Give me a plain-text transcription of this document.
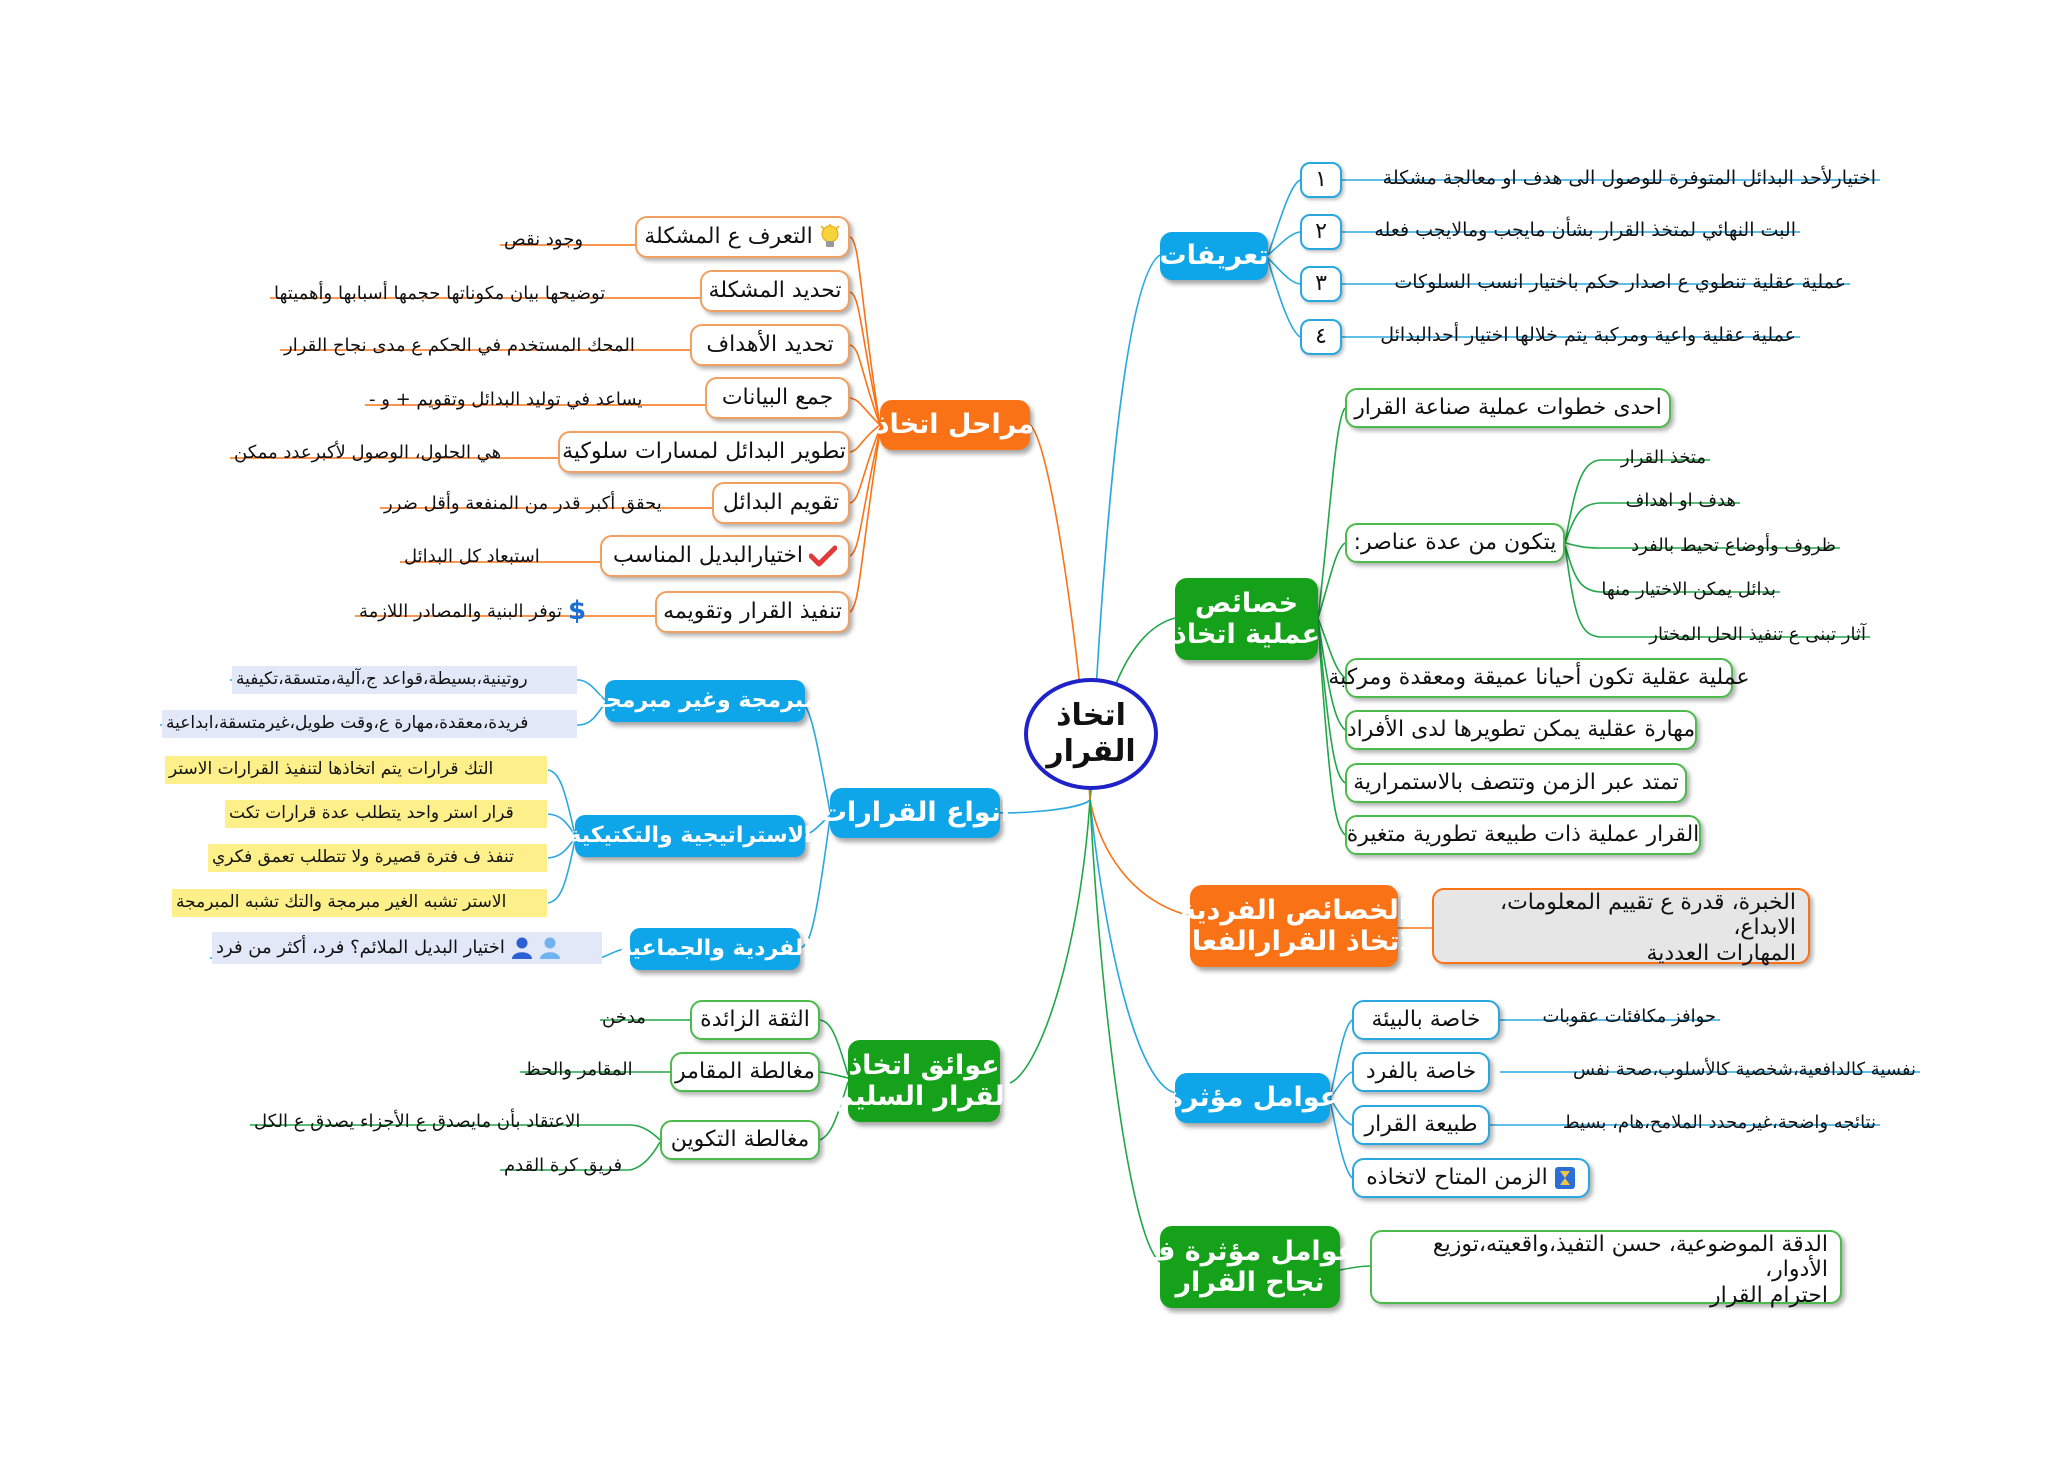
اتخاذ
القرار
تعريفات
١
٢
٣
٤
اختيارلأحد البدائل المتوفرة للوصول الى هدف او معالجة مشكلة
البت النهائي لمتخذ القرار بشأن مايجب ومالايجب فعله
عملية عقلية تنطوي ع اصدار حكم باختيار انسب السلوكات
عملية عقلية واعية ومركبة يتم خلالها اختيار أحدالبدائل
خصائص
عملية اتخاذ
احدى خطوات عملية صناعة القرار
يتكون من عدة عناصر:
متخذ القرار
هدف او اهداف
ظروف وأوضاع تحيط بالفرد
بدائل يمكن الاختيار منها
آثار تبنى ع تنفيذ الحل المختار
عملية عقلية تكون أحيانا عميقة ومعقدة ومركبة
مهارة عقلية يمكن تطويرها لدى الأفراد
تمتد عبر الزمن وتتصف بالاستمرارية
القرار عملية ذات طبيعة تطورية متغيرة
الخصائص الفردية
لاتخاذ القرارالفعال
الخبرة، قدرة ع تقييم المعلومات، الابداع،
المهارات العددية
عوامل مؤثرة
خاصة بالبيئة
خاصة بالفرد
طبيعة القرار
الزمن المتاح لاتخاذه
حوافز مكافئات عقوبات
نفسية كالدافعية،شخصية كالأسلوب،صحة نفس
نتائجه واضحة،غيرمحدد الملامح،هام، بسيط
عوامل مؤثرة ف
نجاح القرار
الدقة الموضوعية، حسن التفيذ،واقعيته،توزيع الأدوار،
احترام القرار
مراحل اتخاذ
التعرف ع المشكلة
تحديد المشكلة
تحديد الأهداف
جمع البيانات
تطوير البدائل لمسارات سلوكية
تقويم البدائل
اختيارالبديل المناسب
تنفيذ القرار وتقويمه
وجود نقص
توضيحها بيان مكوناتها حجمها أسبابها وأهميتها
المحك المستخدم في الحكم ع مدى نجاح القرار
يساعد في توليد البدائل وتقويم + و -
هي الحلول، الوصول لأكبرعدد ممكن
يحقق أكبر قدر من المنفعة وأقل ضرر
استبعاد كل البدائل
$
توفر البنية والمصادر اللازمة
أنواع القرارات
مبرمجة وغير مبرمجة
الاستراتيجية والتكتيكية
الفردية والجماعية
روتينية،بسيطة،قواعد ج،آلية،متسقة،تكيفية
فريدة،معقدة،مهارة ع،وقت طويل،غيرمتسقة،ابداعية
التك قرارات يتم اتخاذها لتنفيذ القرارات الاستر
قرار استر واحد يتطلب عدة قرارات تكت
تنفذ ف فترة قصيرة ولا تتطلب تعمق فكري
الاستر تشبه الغير مبرمجة والتك تشبه المبرمجة
اختيار البديل الملائم؟ فرد، أكثر من فرد
عوائق اتخاذ
القرار السليم
الثقة الزائدة
مغالطة المقامر
مغالطة التكوين
مدخن
المقامر والحظ
الاعتقاد بأن مايصدق ع الأجزاء يصدق ع الكل
فريق كرة القدم
